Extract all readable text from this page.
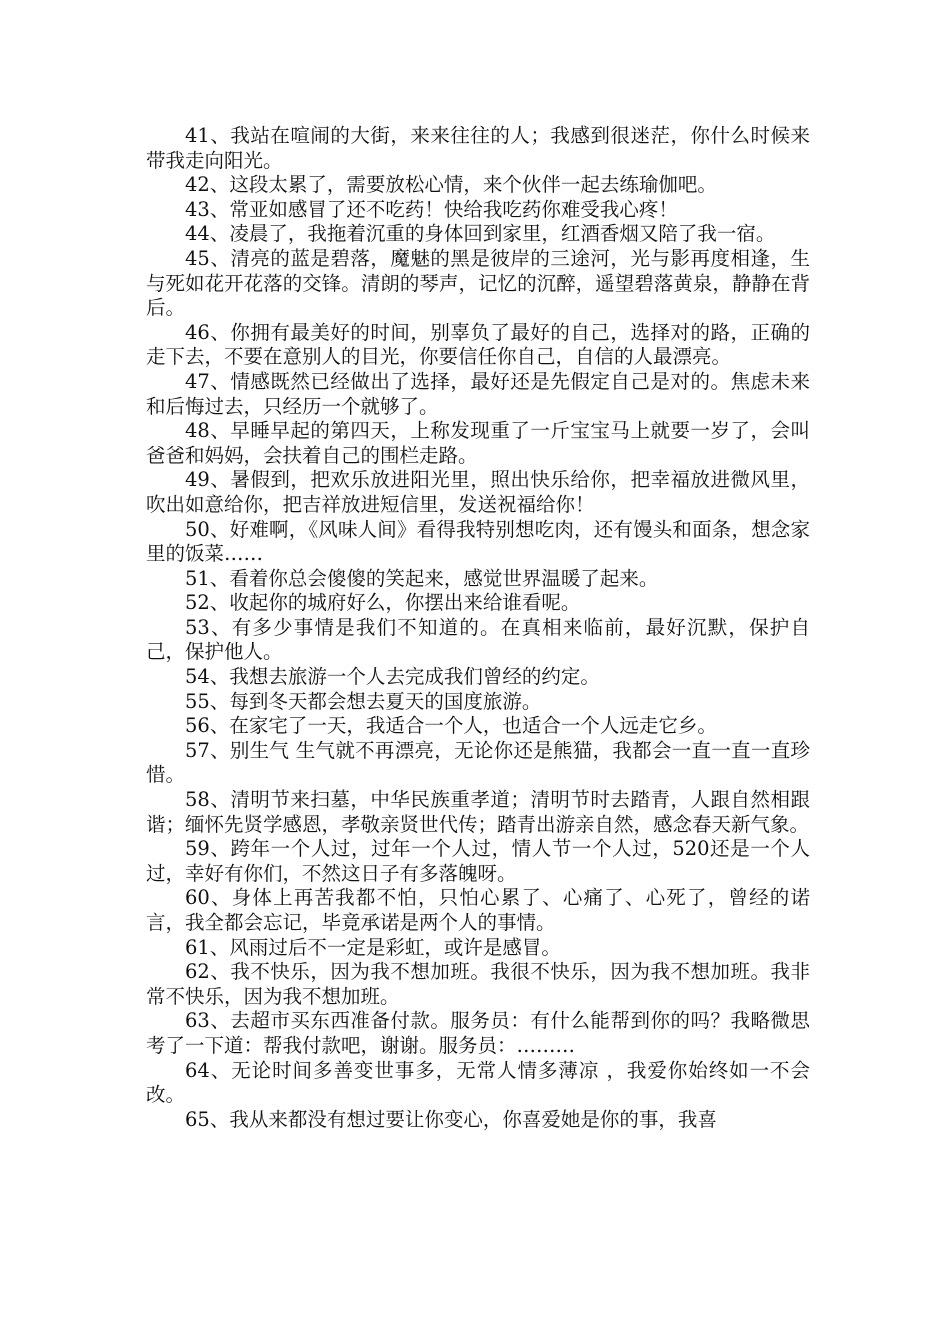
41、我站在喧闹的大街，来来往往的人；我感到很迷茫，你什么时候来带我走向阳光。

42、这段太累了，需要放松心情，来个伙伴一起去练瑜伽吧。

43、常亚如感冒了还不吃药！快给我吃药你难受我心疼！

44、凌晨了，我拖着沉重的身体回到家里，红酒香烟又陪了我一宿。

45、清亮的蓝是碧落，魔魅的黑是彼岸的三途河，光与影再度相逢，生与死如花开花落的交锋。清朗的琴声，记忆的沉醉，遥望碧落黄泉，静静在背后。

46、你拥有最美好的时间，别辜负了最好的自己，选择对的路，正确的走下去，不要在意别人的目光，你要信任你自己，自信的人最漂亮。

47、情感既然已经做出了选择，最好还是先假定自己是对的。焦虑未来和后悔过去，只经历一个就够了。

48、早睡早起的第四天，上称发现重了一斤宝宝马上就要一岁了，会叫爸爸和妈妈，会扶着自己的围栏走路。

49、暑假到，把欢乐放进阳光里，照出快乐给你，把幸福放进微风里，吹出如意给你，把吉祥放进短信里，发送祝福给你！

50、好难啊，《风味人间》看得我特别想吃肉，还有馒头和面条，想念家里的饭菜……

51、看着你总会傻傻的笑起来，感觉世界温暖了起来。

52、收起你的城府好么，你摆出来给谁看呢。

53、有多少事情是我们不知道的。在真相来临前，最好沉默，保护自己，保护他人。

54、我想去旅游一个人去完成我们曾经的约定。

55、每到冬天都会想去夏天的国度旅游。

56、在家宅了一天，我适合一个人，也适合一个人远走它乡。

57、别生气 生气就不再漂亮，无论你还是熊猫，我都会一直一直一直珍惜。

58、清明节来扫墓，中华民族重孝道；清明节时去踏青，人跟自然相跟谐；缅怀先贤学感恩，孝敬亲贤世代传；踏青出游亲自然，感念春天新气象。

59、跨年一个人过，过年一个人过，情人节一个人过，520还是一个人过，幸好有你们，不然这日子有多落魄呀。

60、身体上再苦我都不怕，只怕心累了、心痛了、心死了，曾经的诺言，我全都会忘记，毕竟承诺是两个人的事情。

61、风雨过后不一定是彩虹，或许是感冒。

62、我不快乐，因为我不想加班。我很不快乐，因为我不想加班。我非常不快乐，因为我不想加班。

63、去超市买东西准备付款。服务员：有什么能帮到你的吗？我略微思考了一下道：帮我付款吧，谢谢。服务员：………

64、无论时间多善变世事多，无常人情多薄凉 ，我爱你始终如一不会改。

65、我从来都没有想过要让你变心，你喜爱她是你的事，我喜
